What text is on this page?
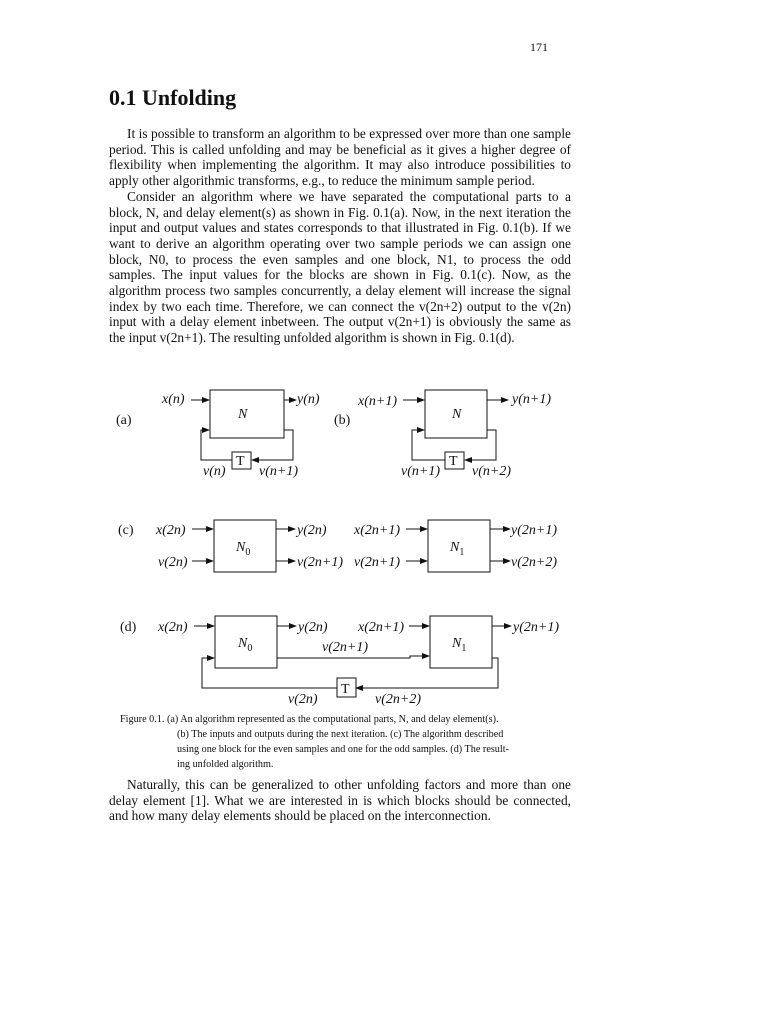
171
0.1 Unfolding

It is possible to transform an algorithm to be expressed over more than one sample period. This is called unfolding and may be beneficial as it gives a higher degree of flexibility when implementing the algorithm. It may also introduce possibilities to apply other algorithmic transforms, e.g., to reduce the minimum sample period.

Consider an algorithm where we have separated the computational parts to a block, N, and delay element(s) as shown in Fig. 0.1(a). Now, in the next iteration the input and output values and states corresponds to that illustrated in Fig. 0.1(b). If we want to derive an algorithm operating over two sample periods we can assign one block, N0, to process the even samples and one block, N1, to process the odd samples. The input values for the blocks are shown in Fig. 0.1(c). Now, as the algorithm process two samples concurrently, a delay element will increase the signal index by two each time. Therefore, we can connect the v(2n+2) output to the v(2n) input with a delay element inbetween. The output v(2n+1) is obviously the same as the input v(2n+1). The resulting unfolded algorithm is shown in Fig. 0.1(d).

(a)
x(n)	y(n)
N
T
v(n) v(n+1)
(b)
x(n+1)	y(n+1)
N
T
v(n+1) v(n+2)
(c) x(2n)
v(2n)
$N_0$
y(2n)
v(2n+1)
x(2n+1)
v(2n+1)
$N_1$
y(2n+1)
v(2n+2)
(d) x(2n)
$N_0$
y(2n) x(2n+1)
v(2n+1)	$N_1$
y(2n+1)
T
v(2n)	v(2n+2)
Figure 0.1. (a) An algorithm represented as the computational parts, N, and delay element(s).
(b) The inputs and outputs during the next iteration. (c) The algorithm described
using one block for the even samples and one for the odd samples. (d) The result-
ing unfolded algorithm.

Naturally, this can be generalized to other unfolding factors and more than one delay element [1]. What we are interested in is which blocks should be connected, and how many delay elements should be placed on the interconnection.
